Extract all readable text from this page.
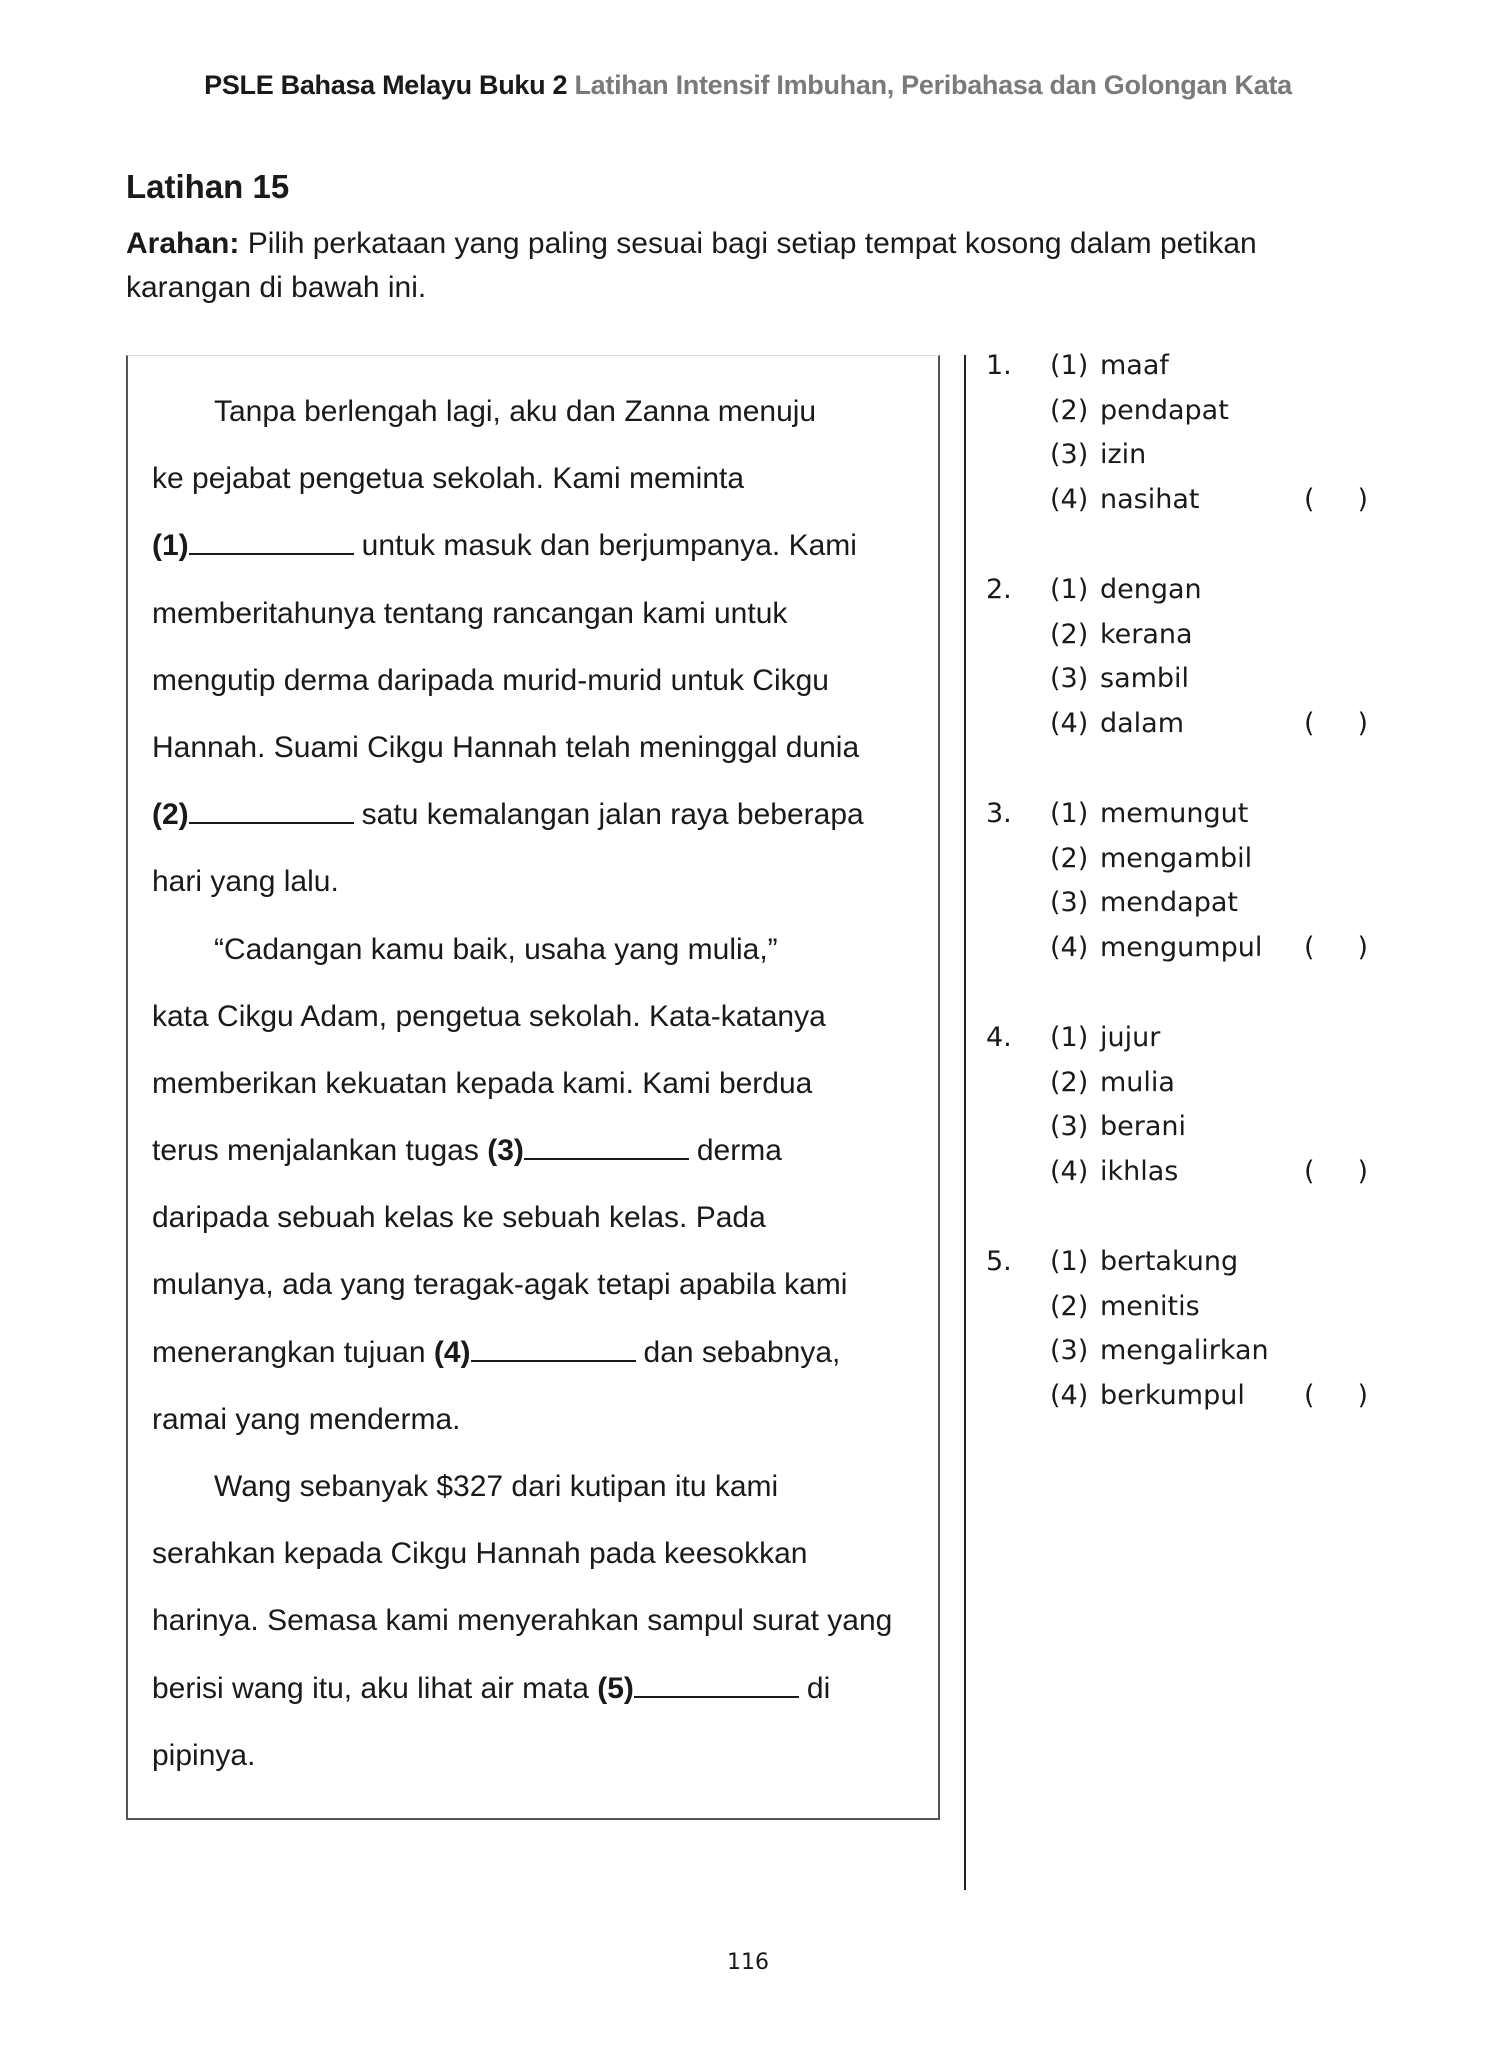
PSLE Bahasa Melayu Buku 2 Latihan Intensif Imbuhan, Peribahasa dan Golongan Kata
Latihan 15
Arahan: Pilih perkataan yang paling sesuai bagi setiap tempat kosong dalam petikan karangan di bawah ini.
Tanpa berlengah lagi, aku dan Zanna menuju
ke pejabat pengetua sekolah. Kami meminta
(1)	untuk masuk dan berjumpanya. Kami
memberitahunya tentang rancangan kami untuk
mengutip derma daripada murid-murid untuk Cikgu
Hannah. Suami Cikgu Hannah telah meninggal dunia
(2)	satu kemalangan jalan raya beberapa
hari yang lalu.
“Cadangan kamu baik, usaha yang mulia,”
kata Cikgu Adam, pengetua sekolah. Kata-katanya
memberikan kekuatan kepada kami. Kami berdua
terus menjalankan tugas (3)	derma
daripada sebuah kelas ke sebuah kelas. Pada
mulanya, ada yang teragak-agak tetapi apabila kami
menerangkan tujuan (4)	dan sebabnya,
ramai yang menderma.
Wang sebanyak $327 dari kutipan itu kami
serahkan kepada Cikgu Hannah pada keesokkan
harinya. Semasa kami menyerahkan sampul surat yang
berisi wang itu, aku lihat air mata (5)	di
pipinya.
1. (1) maaf
(2) pendapat
(3) izin
(4) nasihat	(     )
2. (1) dengan
(2) kerana
(3) sambil
(4) dalam	(     )
3. (1) memungut
(2) mengambil
(3) mendapat
(4) mengumpul (     )
4. (1) jujur
(2) mulia
(3) berani
(4) ikhlas	(     )
5. (1) bertakung
(2) menitis
(3) mengalirkan
(4) berkumpul (     )
116
